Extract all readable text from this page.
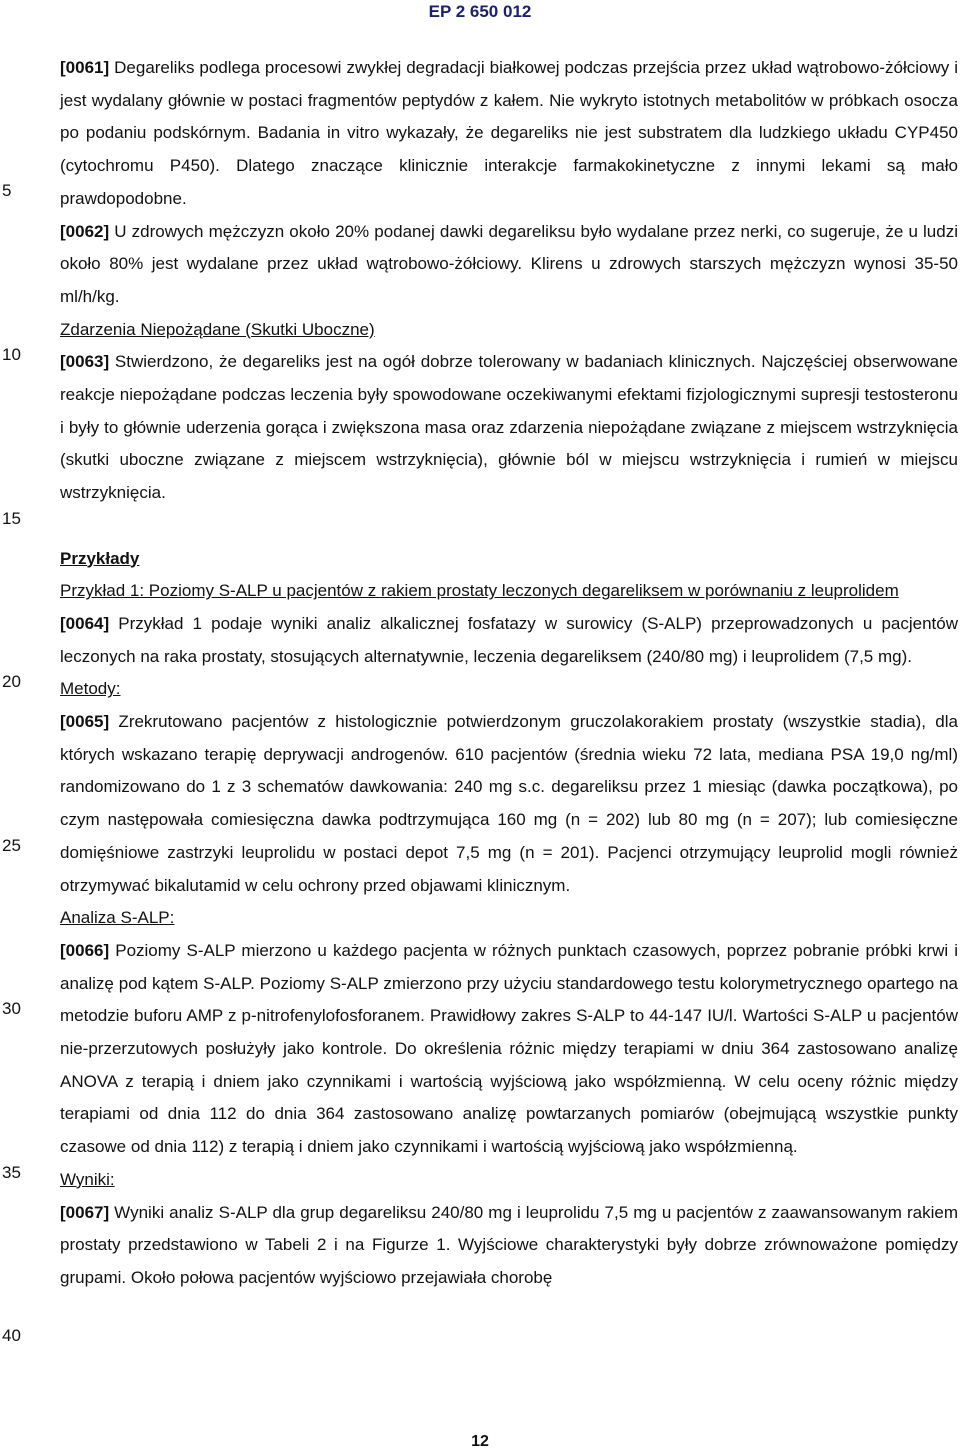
EP 2 650 012
5
10
15
20
25
30
35
40

[0061] Degareliks podlega procesowi zwykłej degradacji białkowej podczas przejścia przez układ wątrobowo-żółciowy i jest wydalany głównie w postaci fragmentów peptydów z kałem. Nie wykryto istotnych metabolitów w próbkach osocza po podaniu podskórnym. Badania in vitro wykazały, że degareliks nie jest substratem dla ludzkiego układu CYP450 (cytochromu P450). Dlatego znaczące klinicznie interakcje farmakokinetyczne z innymi lekami są mało prawdopodobne.

[0062] U zdrowych mężczyzn około 20% podanej dawki degareliksu było wydalane przez nerki, co sugeruje, że u ludzi około 80% jest wydalane przez układ wątrobowo-żółciowy. Klirens u zdrowych starszych mężczyzn wynosi 35-50 ml/h/kg.

Zdarzenia Niepożądane (Skutki Uboczne)

[0063] Stwierdzono, że degareliks jest na ogół dobrze tolerowany w badaniach klinicznych. Najczęściej obserwowane reakcje niepożądane podczas leczenia były spowodowane oczekiwanymi efektami fizjologicznymi supresji testosteronu i były to głównie uderzenia gorąca i zwiększona masa oraz zdarzenia niepożądane związane z miejscem wstrzyknięcia (skutki uboczne związane z miejscem wstrzyknięcia), głównie ból w miejscu wstrzyknięcia i rumień w miejscu wstrzyknięcia.

Przykłady

Przykład 1: Poziomy S-ALP u pacjentów z rakiem prostaty leczonych degareliksem w porównaniu z leuprolidem

[0064] Przykład 1 podaje wyniki analiz alkalicznej fosfatazy w surowicy (S-ALP) przeprowadzonych u pacjentów leczonych na raka prostaty, stosujących alternatywnie, leczenia degareliksem (240/80 mg) i leuprolidem (7,5 mg).

Metody:

[0065] Zrekrutowano pacjentów z histologicznie potwierdzonym gruczolakorakiem prostaty (wszystkie stadia), dla których wskazano terapię deprywacji androgenów. 610 pacjentów (średnia wieku 72 lata, mediana PSA 19,0 ng/ml) randomizowano do 1 z 3 schematów dawkowania: 240 mg s.c. degareliksu przez 1 miesiąc (dawka początkowa), po czym następowała comiesięczna dawka podtrzymująca 160 mg (n = 202) lub 80 mg (n = 207); lub comiesięczne domięśniowe zastrzyki leuprolidu w postaci depot 7,5 mg (n = 201). Pacjenci otrzymujący leuprolid mogli również otrzymywać bikalutamid w celu ochrony przed objawami klinicznym.

Analiza S-ALP:

[0066] Poziomy S-ALP mierzono u każdego pacjenta w różnych punktach czasowych, poprzez pobranie próbki krwi i analizę pod kątem S-ALP. Poziomy S-ALP zmierzono przy użyciu standardowego testu kolorymetrycznego opartego na metodzie buforu AMP z p-nitrofenylofosforanem. Prawidłowy zakres S-ALP to 44-147 IU/l. Wartości S-ALP u pacjentów nie-przerzutowych posłużyły jako kontrole. Do określenia różnic między terapiami w dniu 364 zastosowano analizę ANOVA z terapią i dniem jako czynnikami i wartością wyjściową jako współzmienną. W celu oceny różnic między terapiami od dnia 112 do dnia 364 zastosowano analizę powtarzanych pomiarów (obejmującą wszystkie punkty czasowe od dnia 112) z terapią i dniem jako czynnikami i wartością wyjściową jako współzmienną.

Wyniki:

[0067] Wyniki analiz S-ALP dla grup degareliksu 240/80 mg i leuprolidu 7,5 mg u pacjentów z zaawansowanym rakiem prostaty przedstawiono w Tabeli 2 i na Figurze 1. Wyjściowe charakterystyki były dobrze zrównoważone pomiędzy grupami. Około połowa pacjentów wyjściowo przejawiała chorobę

12
